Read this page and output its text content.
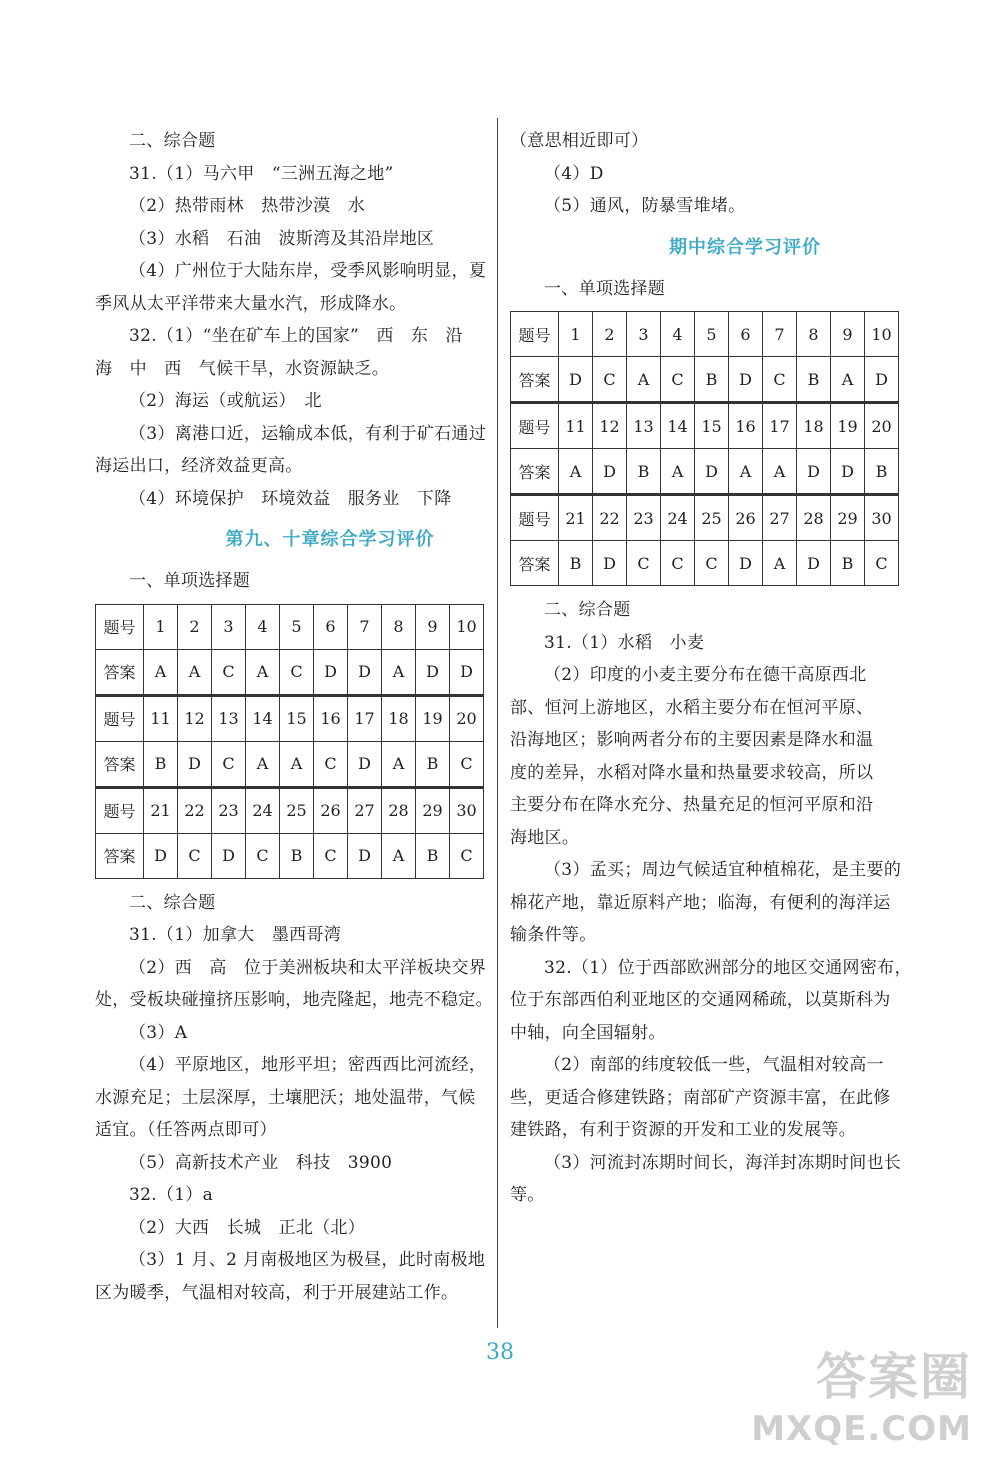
二、综合题

31.（1）马六甲　“三洲五海之地”

（2）热带雨林　热带沙漠　水

（3）水稻　石油　波斯湾及其沿岸地区

（4）广州位于大陆东岸，受季风影响明显，夏

季风从太平洋带来大量水汽，形成降水。

32.（1）“坐在矿车上的国家”　西　东　沿

海　中　西　气候干旱，水资源缺乏。

（2）海运（或航运）　北

（3）离港口近，运输成本低，有利于矿石通过

海运出口，经济效益更高。

（4）环境保护　环境效益　服务业　下降

第九、十章综合学习评价

一、单项选择题

题号	1	2	3	4	5	6	7	8	9	10
答案	A	A	C	A	C	D	D	A	D	D
题号	11	12	13	14	15	16	17	18	19	20
答案	B	D	C	A	A	C	D	A	B	C
题号	21	22	23	24	25	26	27	28	29	30
答案	D	C	D	C	B	C	D	A	B	C

二、综合题

31.（1）加拿大　墨西哥湾

（2）西　高　位于美洲板块和太平洋板块交界

处，受板块碰撞挤压影响，地壳隆起，地壳不稳定。

（3）A

（4）平原地区，地形平坦；密西西比河流经，

水源充足；土层深厚，土壤肥沃；地处温带，气候

适宜。（任答两点即可）

（5）高新技术产业　科技　3900

32.（1）a

（2）大西　长城　正北（北）

（3）1 月、2 月南极地区为极昼，此时南极地

区为暖季，气温相对较高，利于开展建站工作。

（意思相近即可）

（4）D

（5）通风，防暴雪堆堵。

期中综合学习评价

一、单项选择题

题号	1	2	3	4	5	6	7	8	9	10
答案	D	C	A	C	B	D	C	B	A	D
题号	11	12	13	14	15	16	17	18	19	20
答案	A	D	B	A	D	A	A	D	D	B
题号	21	22	23	24	25	26	27	28	29	30
答案	B	D	C	C	C	D	A	D	B	C

二、综合题

31.（1）水稻　小麦

（2）印度的小麦主要分布在德干高原西北

部、恒河上游地区，水稻主要分布在恒河平原、

沿海地区；影响两者分布的主要因素是降水和温

度的差异，水稻对降水量和热量要求较高，所以

主要分布在降水充分、热量充足的恒河平原和沿

海地区。

（3）孟买；周边气候适宜种植棉花，是主要的

棉花产地，靠近原料产地；临海，有便利的海洋运

输条件等。

32.（1）位于西部欧洲部分的地区交通网密布，

位于东部西伯利亚地区的交通网稀疏，以莫斯科为

中轴，向全国辐射。

（2）南部的纬度较低一些，气温相对较高一

些，更适合修建铁路；南部矿产资源丰富，在此修

建铁路，有利于资源的开发和工业的发展等。

（3）河流封冻期时间长，海洋封冻期时间也长

等。

38	答案圈
MXQE.COM
